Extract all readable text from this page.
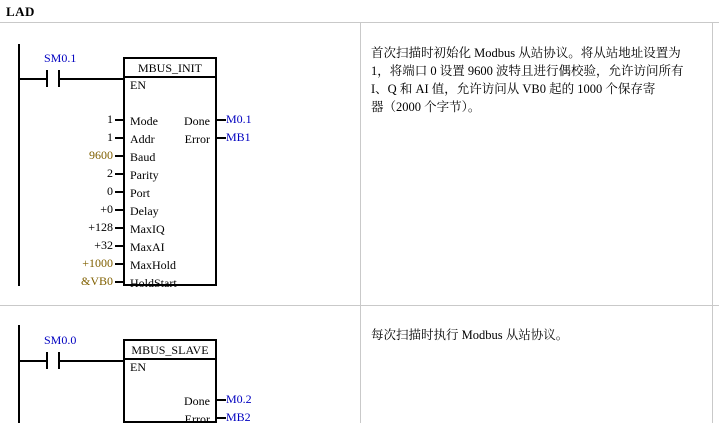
LAD
SM0.1
MBUS_INIT
EN
Mode
Addr
Baud
Parity
Port
Delay
MaxIQ
MaxAI
MaxHold
HoldStart
Done
Error
1
1
9600
2
0
+0
+128
+32
+1000
&VB0
M0.1
MB1
首次扫描时初始化 Modbus 从站协议。将从站地址设置为
1，将端口 0 设置 9600 波特且进行偶校验，允许访问所有
I、Q 和 AI 值，允许访问从 VB0 起的 1000 个保存寄
器（2000 个字节）。
SM0.0
MBUS_SLAVE
EN
Done
Error
M0.2
MB2
每次扫描时执行 Modbus 从站协议。
